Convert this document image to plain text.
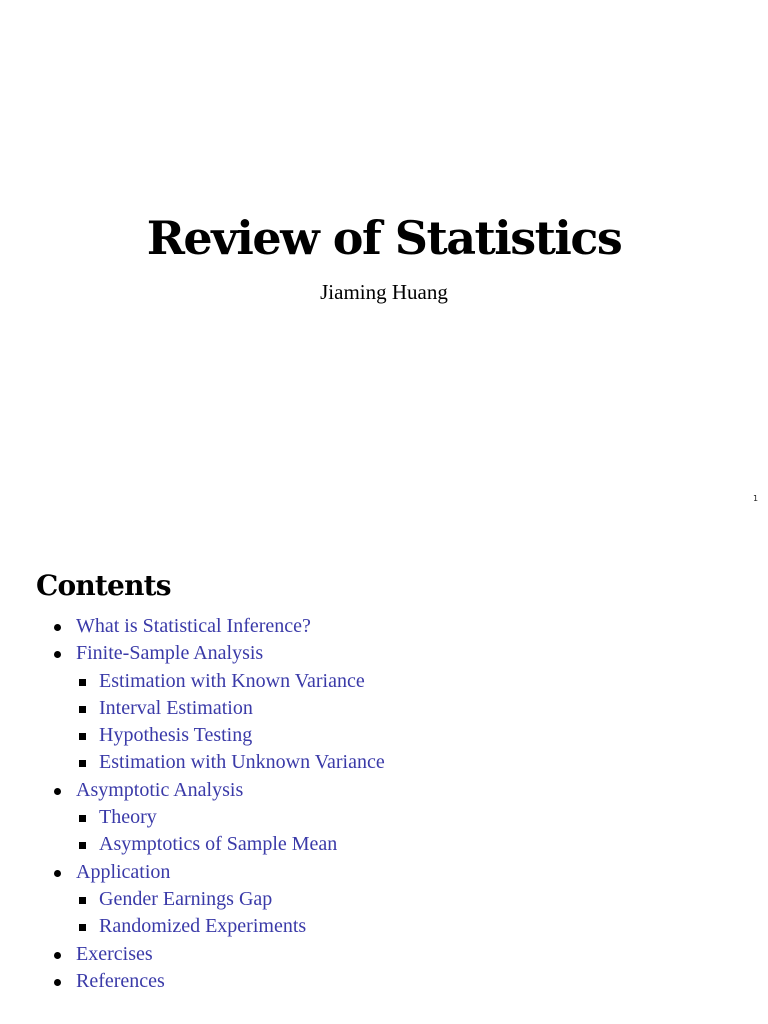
Review of Statistics

Jiaming Huang

1
Contents
What is Statistical Inference?
Finite-Sample Analysis
Estimation with Known Variance
Interval Estimation
Hypothesis Testing
Estimation with Unknown Variance
Asymptotic Analysis
Theory
Asymptotics of Sample Mean
Application
Gender Earnings Gap
Randomized Experiments
Exercises
References
